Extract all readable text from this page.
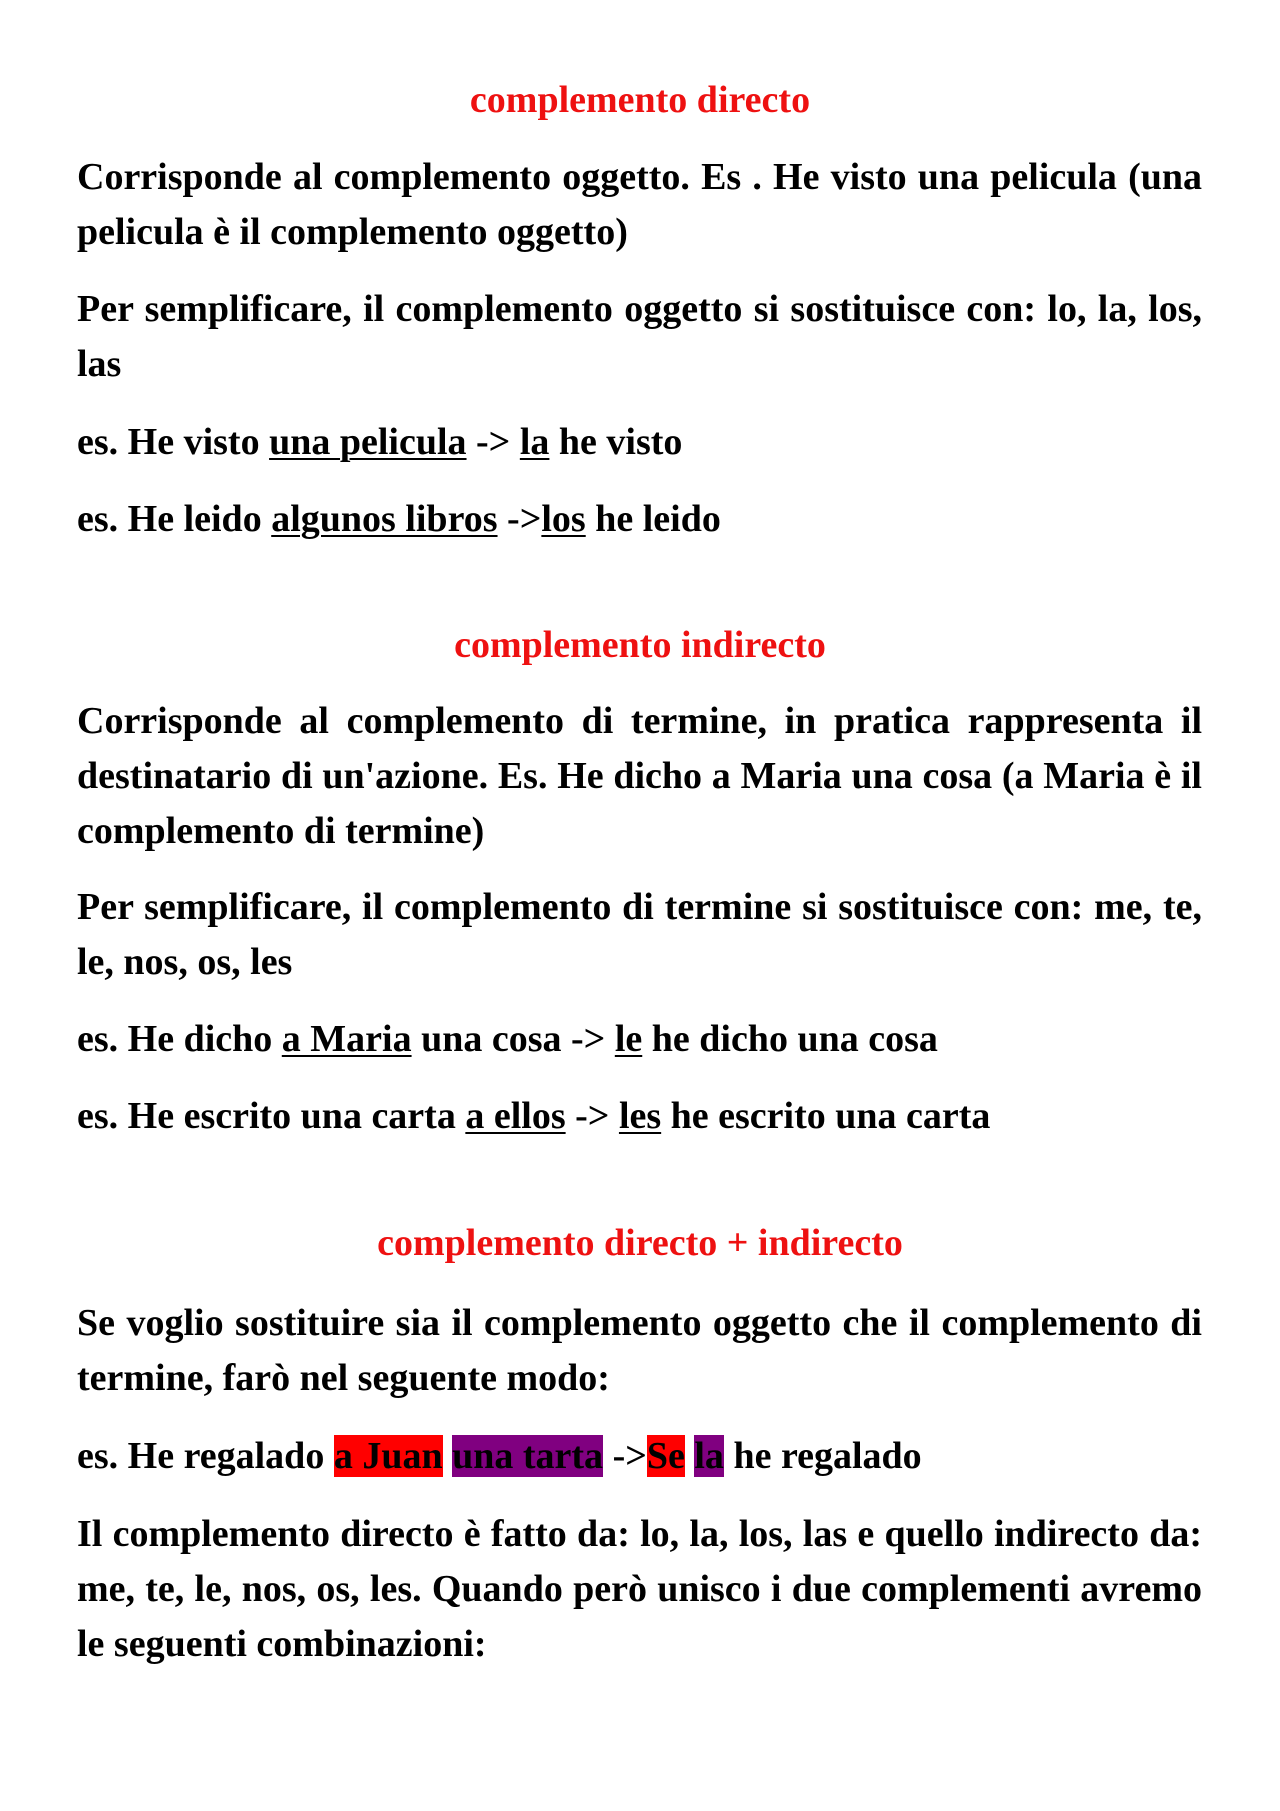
complemento directo
Corrisponde al complemento oggetto. Es . He visto una pelicula (una pelicula è il complemento oggetto)
Per semplificare, il complemento oggetto si sostituisce con: lo, la, los, las
es. He visto una pelicula -> la he visto
es. He leido algunos libros ->los he leido
complemento indirecto
Corrisponde al complemento di termine, in pratica rappresenta il destinatario di un'azione. Es. He dicho a Maria una cosa (a Maria è il complemento di termine)
Per semplificare, il complemento di termine si sostituisce con: me, te, le, nos, os, les
es. He dicho a Maria una cosa -> le he dicho una cosa
es. He escrito una carta a ellos -> les he escrito una carta
complemento directo + indirecto
Se voglio sostituire sia il complemento oggetto che il complemento di termine, farò nel seguente modo:
es. He regalado a Juan una tarta ->Se la he regalado
Il complemento directo è fatto da: lo, la, los, las e quello indirecto da: me, te, le, nos, os, les. Quando però unisco i due complementi avremo le seguenti combinazioni:
